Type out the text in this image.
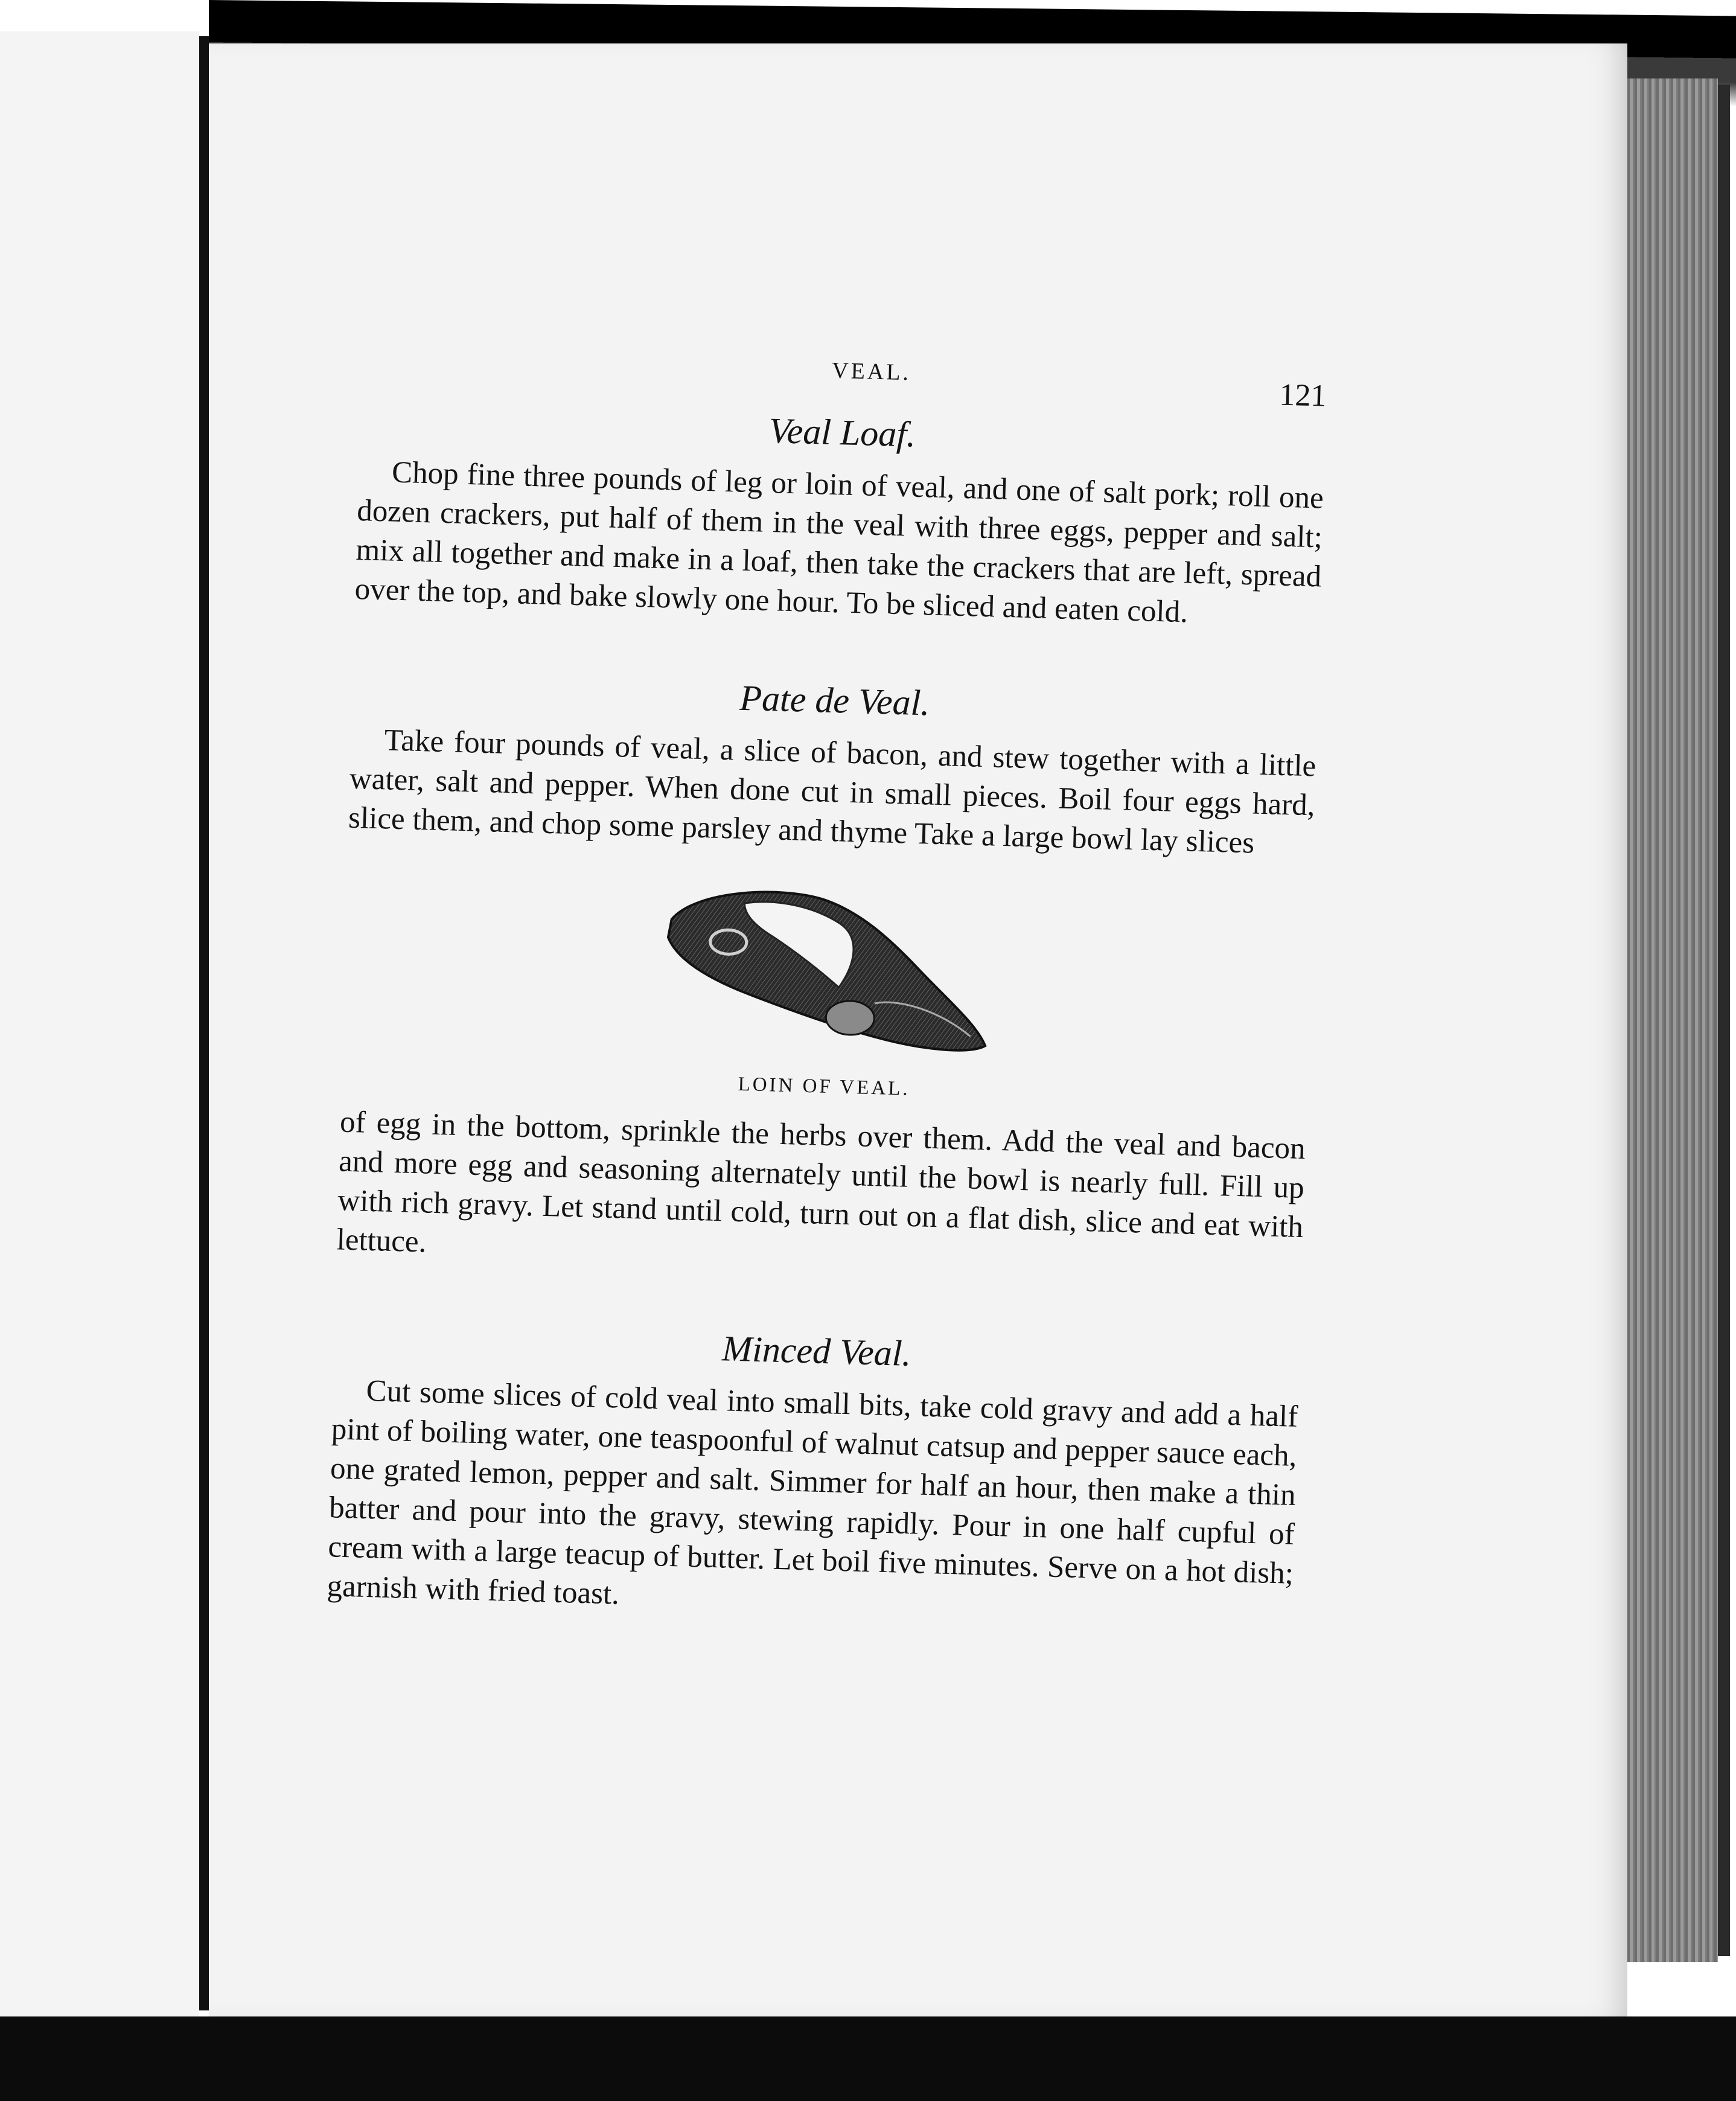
VEAL.
121
Veal Loaf.

Chop fine three pounds of leg or loin of veal, and one of salt pork; roll one dozen crackers, put half of them in the veal with three eggs, pepper and salt; mix all together and make in a loaf, then take the crackers that are left, spread over the top, and bake slowly one hour. To be sliced and eaten cold.

Pate de Veal.

Take four pounds of veal, a slice of bacon, and stew together with a little water, salt and pepper. When done cut in small pieces. Boil four eggs hard, slice them, and chop some parsley and thyme Take a large bowl lay slices

LOIN OF VEAL.

of egg in the bottom, sprinkle the herbs over them. Add the veal and bacon and more egg and seasoning alternately until the bowl is nearly full. Fill up with rich gravy. Let stand until cold, turn out on a flat dish, slice and eat with lettuce.

Minced Veal.

Cut some slices of cold veal into small bits, take cold gravy and add a half pint of boiling water, one teaspoonful of walnut catsup and pepper sauce each, one grated lemon, pepper and salt. Simmer for half an hour, then make a thin batter and pour into the gravy, stewing rapidly. Pour in one half cupful of cream with a large teacup of butter. Let boil five minutes. Serve on a hot dish; garnish with fried toast.
